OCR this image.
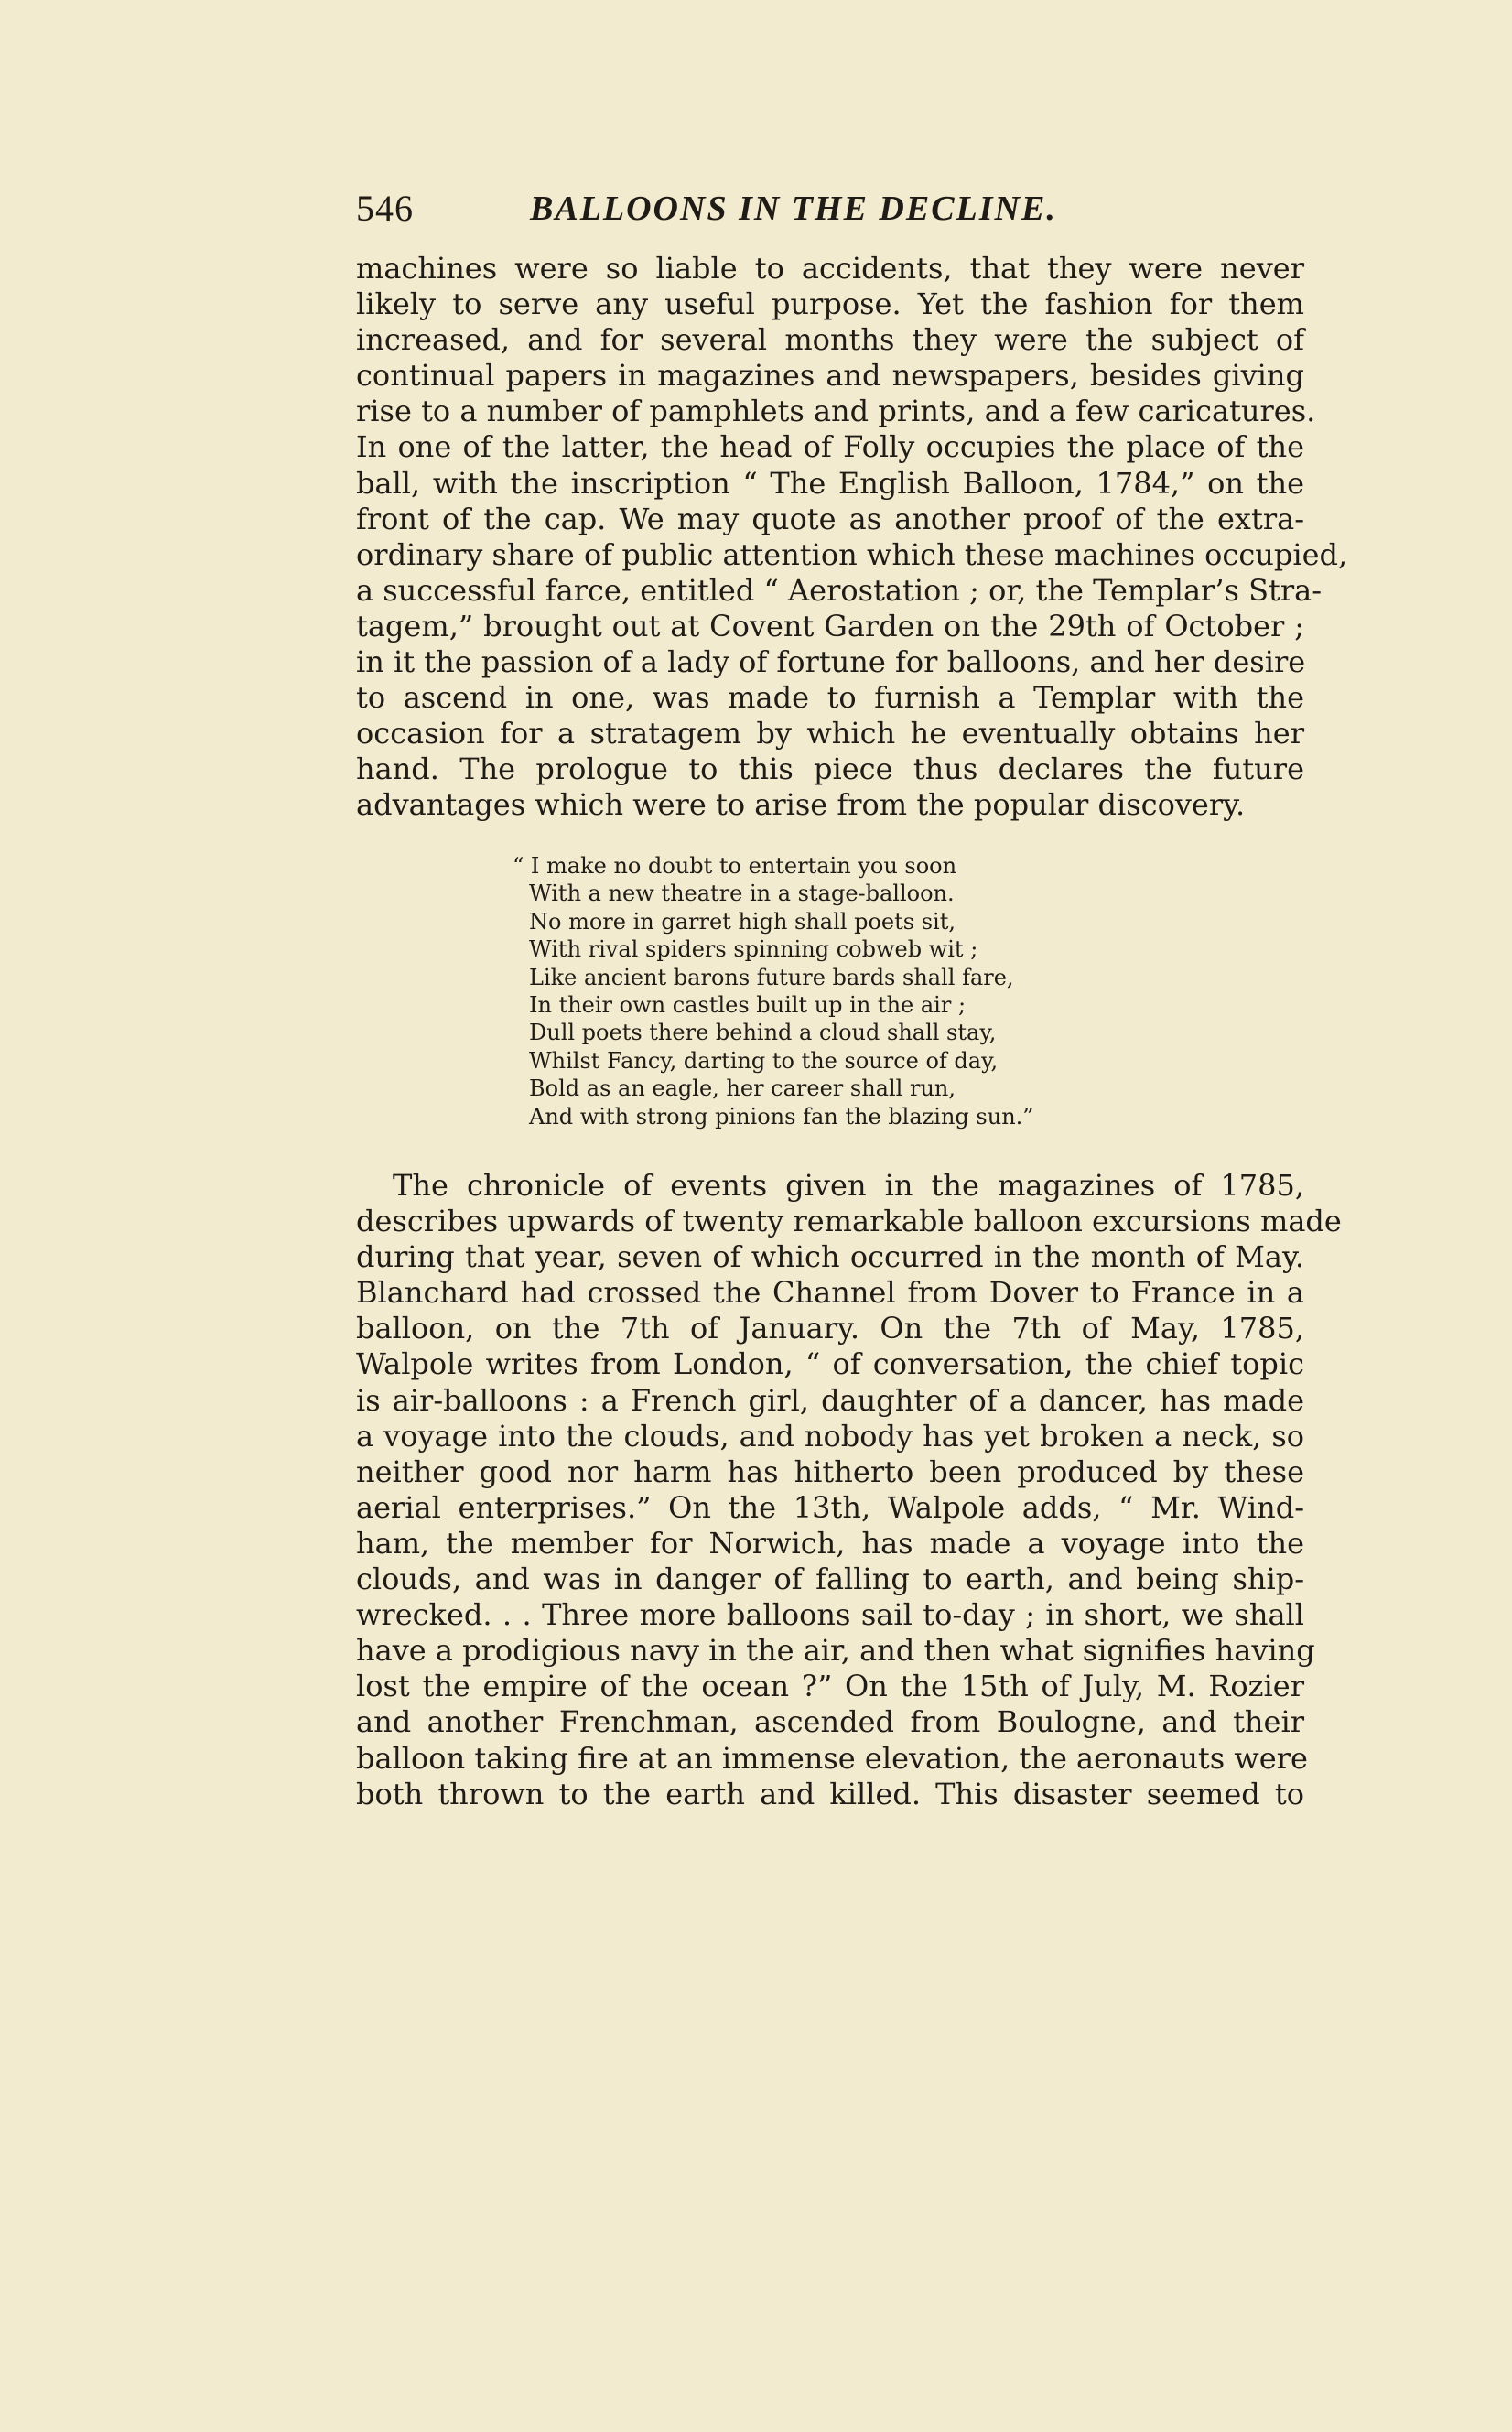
546	BALLOONS IN THE DECLINE.
machines were so liable to accidents, that they were never
likely to serve any useful purpose. Yet the fashion for them
increased, and for several months they were the subject of
continual papers in magazines and newspapers, besides giving
rise to a number of pamphlets and prints, and a few caricatures.
In one of the latter, the head of Folly occupies the place of the
ball, with the inscription “ The English Balloon, 1784,” on the
front of the cap. We may quote as another proof of the extra-
ordinary share of public attention which these machines occupied,
a successful farce, entitled “ Aerostation ; or, the Templar’s Stra-
tagem,” brought out at Covent Garden on the 29th of October ;
in it the passion of a lady of fortune for balloons, and her desire
to ascend in one, was made to furnish a Templar with the
occasion for a stratagem by which he eventually obtains her
hand. The prologue to this piece thus declares the future
advantages which were to arise from the popular discovery.
“ I make no doubt to entertain you soon
With a new theatre in a stage-balloon.
No more in garret high shall poets sit,
With rival spiders spinning cobweb wit ;
Like ancient barons future bards shall fare,
In their own castles built up in the air ;
Dull poets there behind a cloud shall stay,
Whilst Fancy, darting to the source of day,
Bold as an eagle, her career shall run,
And with strong pinions fan the blazing sun.”
The chronicle of events given in the magazines of 1785,
describes upwards of twenty remarkable balloon excursions made
during that year, seven of which occurred in the month of May.
Blanchard had crossed the Channel from Dover to France in a
balloon, on the 7th of January. On the 7th of May, 1785,
Walpole writes from London, “ of conversation, the chief topic
is air-balloons : a French girl, daughter of a dancer, has made
a voyage into the clouds, and nobody has yet broken a neck, so
neither good nor harm has hitherto been produced by these
aerial enterprises.” On the 13th, Walpole adds, “ Mr. Wind-
ham, the member for Norwich, has made a voyage into the
clouds, and was in danger of falling to earth, and being ship-
wrecked. . . Three more balloons sail to-day ; in short, we shall
have a prodigious navy in the air, and then what signifies having
lost the empire of the ocean ?” On the 15th of July, M. Rozier
and another Frenchman, ascended from Boulogne, and their
balloon taking fire at an immense elevation, the aeronauts were
both thrown to the earth and killed. This disaster seemed to
